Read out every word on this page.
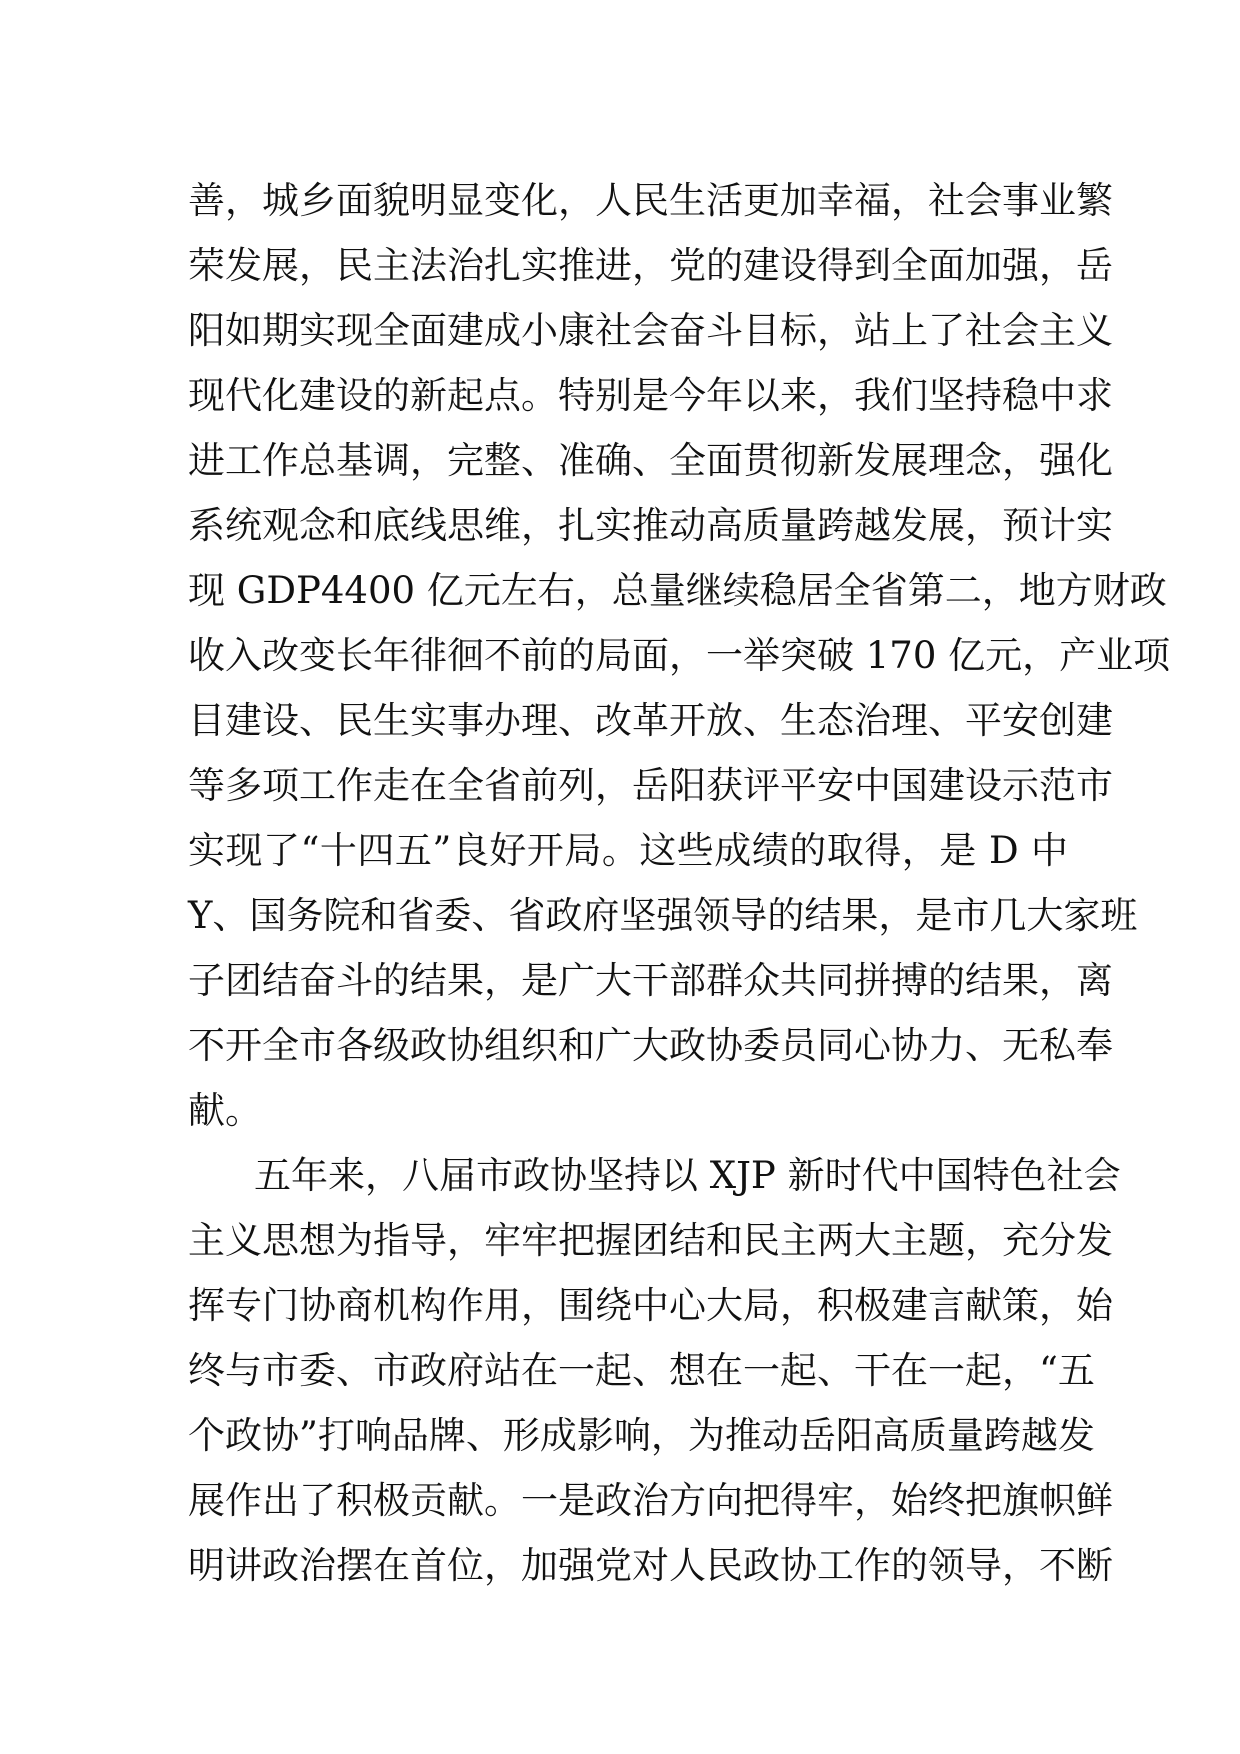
善，城乡面貌明显变化，人民生活更加幸福，社会事业繁
荣发展，民主法治扎实推进，党的建设得到全面加强，岳
阳如期实现全面建成小康社会奋斗目标，站上了社会主义
现代化建设的新起点。特别是今年以来，我们坚持稳中求
进工作总基调，完整、准确、全面贯彻新发展理念，强化
系统观念和底线思维，扎实推动高质量跨越发展，预计实
现 GDP4400 亿元左右，总量继续稳居全省第二，地方财政
收入改变长年徘徊不前的局面，一举突破 170 亿元，产业项
目建设、民生实事办理、改革开放、生态治理、平安创建
等多项工作走在全省前列，岳阳获评平安中国建设示范市
实现了“十四五”良好开局。这些成绩的取得，是 D 中
Y、国务院和省委、省政府坚强领导的结果，是市几大家班
子团结奋斗的结果，是广大干部群众共同拼搏的结果，离
不开全市各级政协组织和广大政协委员同心协力、无私奉
献。
五年来，八届市政协坚持以 XJP 新时代中国特色社会
主义思想为指导，牢牢把握团结和民主两大主题，充分发
挥专门协商机构作用，围绕中心大局，积极建言献策，始
终与市委、市政府站在一起、想在一起、干在一起，“五
个政协”打响品牌、形成影响，为推动岳阳高质量跨越发
展作出了积极贡献。一是政治方向把得牢，始终把旗帜鲜
明讲政治摆在首位，加强党对人民政协工作的领导，不断
